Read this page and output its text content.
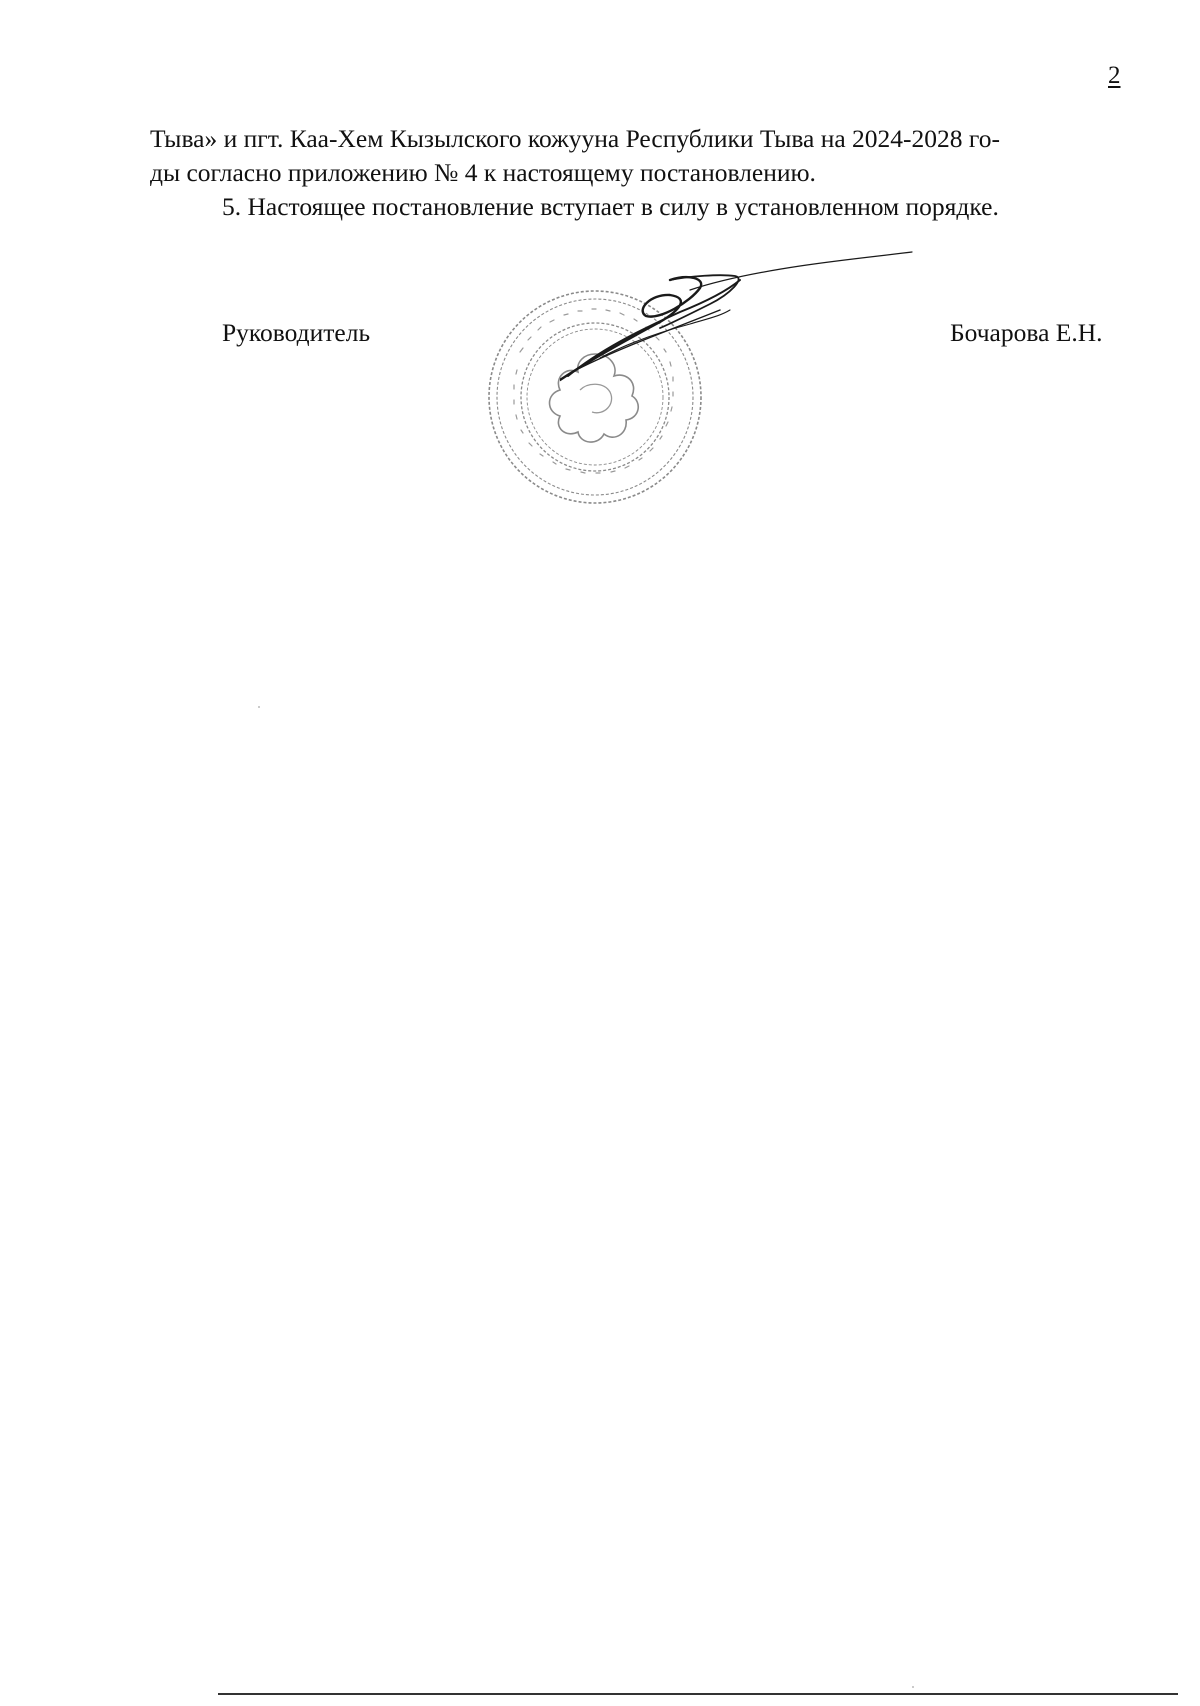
2

Тыва» и пгт. Каа-Хем Кызылского кожууна Республики Тыва на 2024-2028 го-

ды согласно приложению № 4 к настоящему постановлению.

5. Настоящее постановление вступает в силу в установленном порядке.

Руководитель	Бочарова Е.Н.
